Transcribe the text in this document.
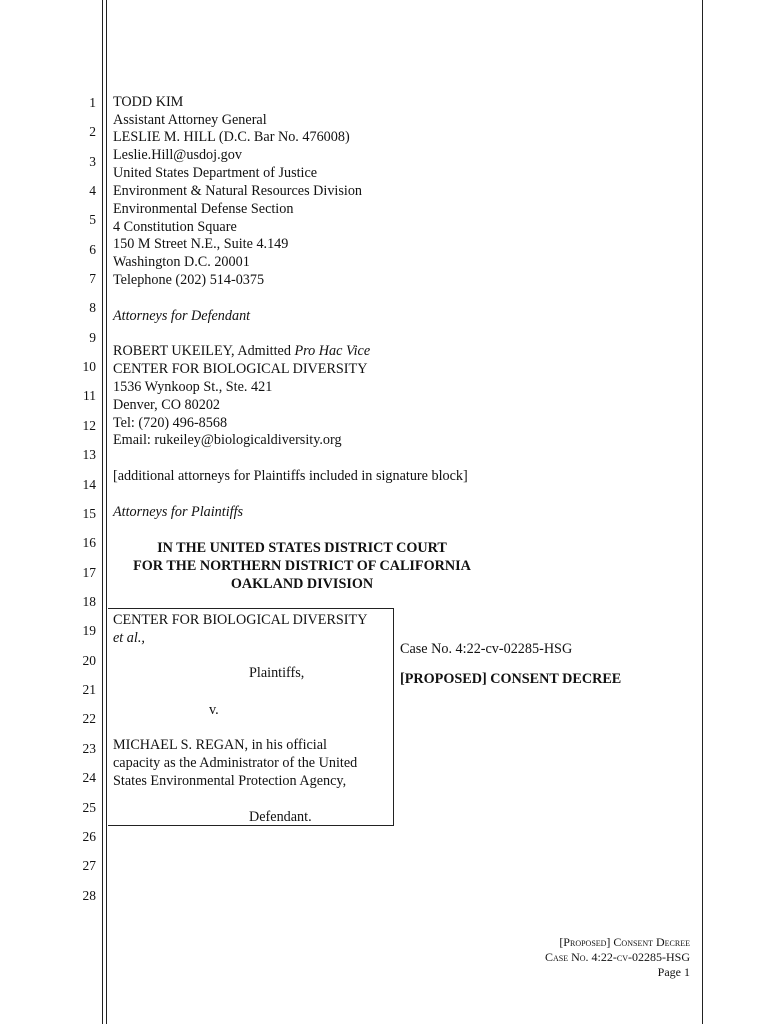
1
2
3
4
5
6
7
8
9
10
11
12
13
14
15
16
17
18
19
20
21
22
23
24
25
26
27
28
TODD KIM
Assistant Attorney General
LESLIE M. HILL (D.C. Bar No. 476008)
Leslie.Hill@usdoj.gov
United States Department of Justice
Environment & Natural Resources Division
Environmental Defense Section
4 Constitution Square
150 M Street N.E., Suite 4.149
Washington D.C. 20001
Telephone (202) 514-0375
Attorneys for Defendant
ROBERT UKEILEY, Admitted Pro Hac Vice
CENTER FOR BIOLOGICAL DIVERSITY
1536 Wynkoop St., Ste. 421
Denver, CO 80202
Tel: (720) 496-8568
Email: rukeiley@biologicaldiversity.org
[additional attorneys for Plaintiffs included in signature block]
Attorneys for Plaintiffs
IN THE UNITED STATES DISTRICT COURT
FOR THE NORTHERN DISTRICT OF CALIFORNIA
OAKLAND DIVISION
CENTER FOR BIOLOGICAL DIVERSITY
et al.,
Plaintiffs,
v.
MICHAEL S. REGAN, in his official
capacity as the Administrator of the United
States Environmental Protection Agency,
Defendant.
Case No. 4:22-cv-02285-HSG
[PROPOSED] CONSENT DECREE
[Proposed] Consent Decree
Case No. 4:22-cv-02285-HSG
Page 1
